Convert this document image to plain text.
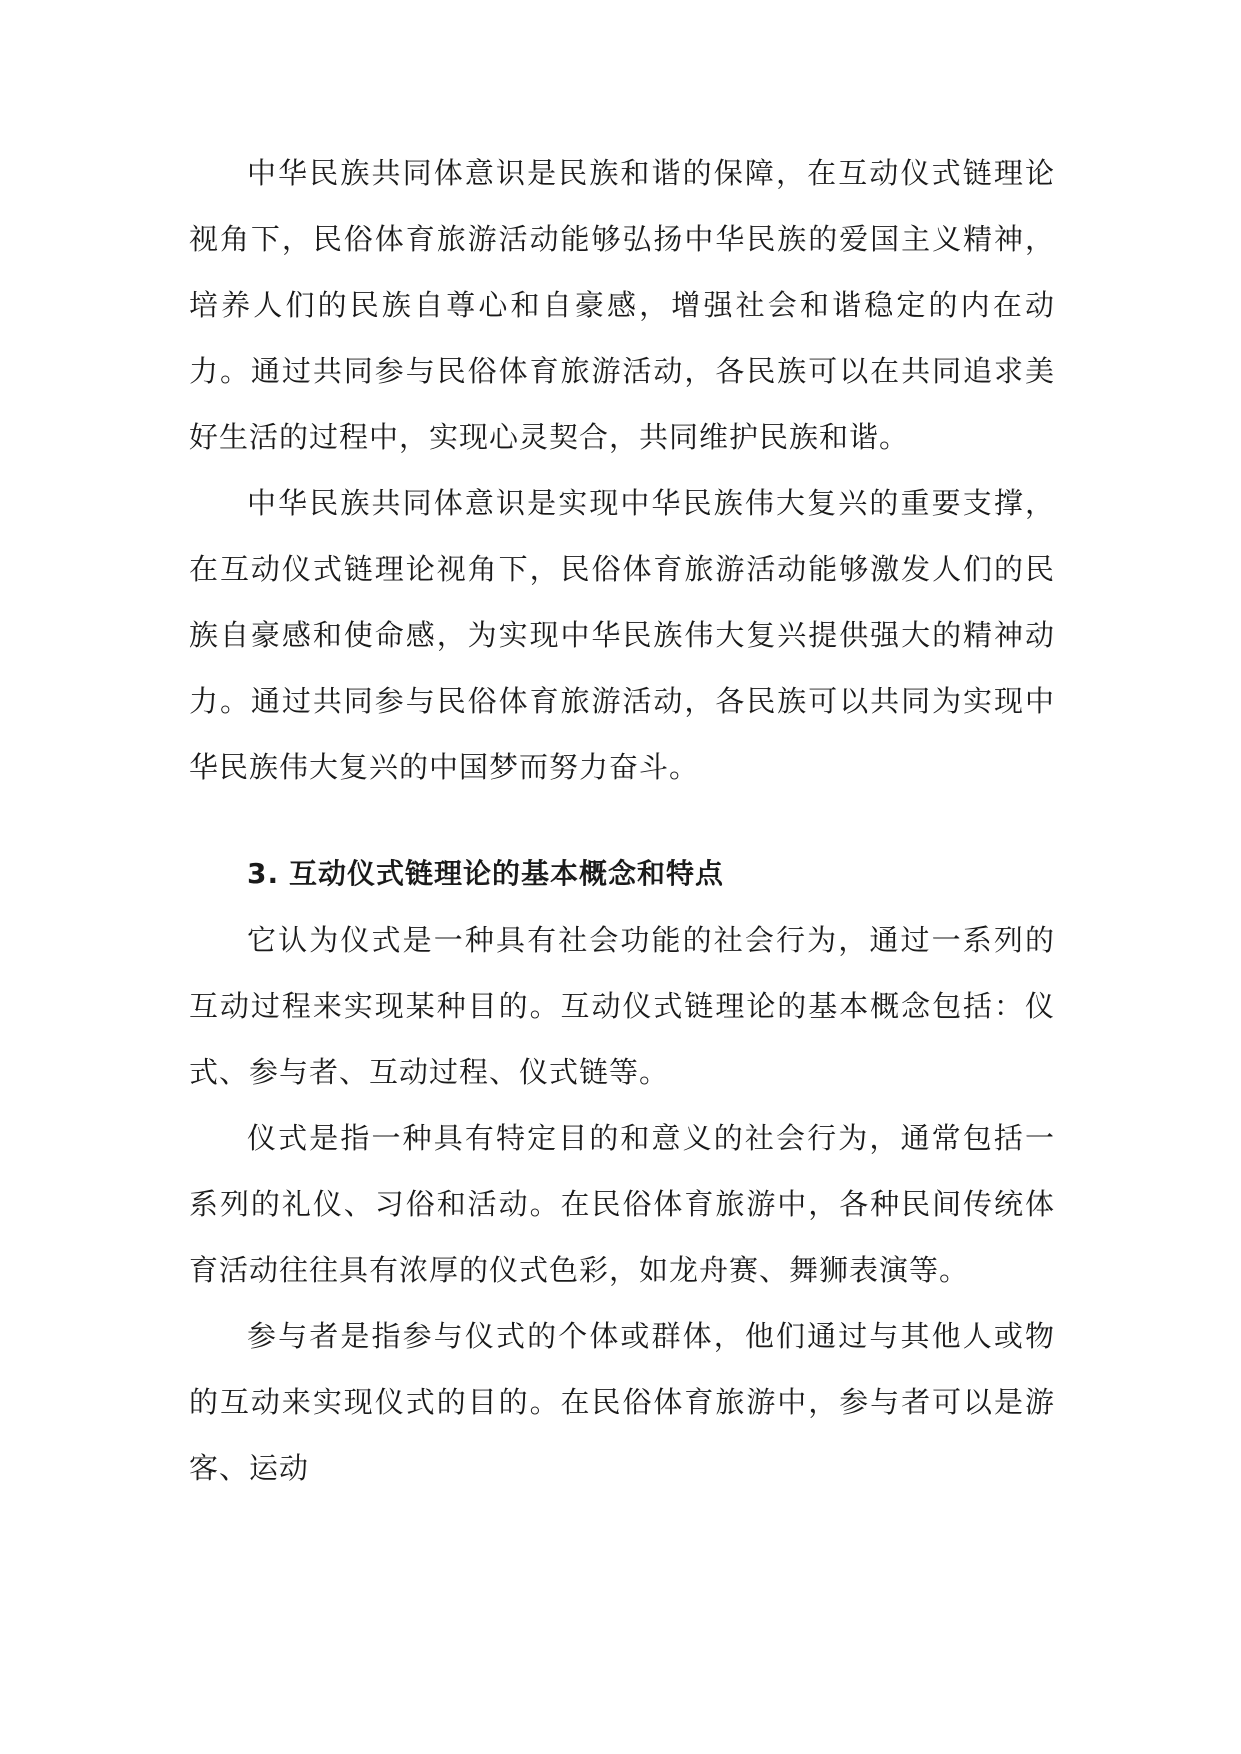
中华民族共同体意识是民族和谐的保障，在互动仪式链理论视角下，民俗体育旅游活动能够弘扬中华民族的爱国主义精神，培养人们的民族自尊心和自豪感，增强社会和谐稳定的内在动力。通过共同参与民俗体育旅游活动，各民族可以在共同追求美好生活的过程中，实现心灵契合，共同维护民族和谐。

中华民族共同体意识是实现中华民族伟大复兴的重要支撑，在互动仪式链理论视角下，民俗体育旅游活动能够激发人们的民族自豪感和使命感，为实现中华民族伟大复兴提供强大的精神动力。通过共同参与民俗体育旅游活动，各民族可以共同为实现中华民族伟大复兴的中国梦而努力奋斗。

3. 互动仪式链理论的基本概念和特点

它认为仪式是一种具有社会功能的社会行为，通过一系列的互动过程来实现某种目的。互动仪式链理论的基本概念包括：仪式、参与者、互动过程、仪式链等。

仪式是指一种具有特定目的和意义的社会行为，通常包括一系列的礼仪、习俗和活动。在民俗体育旅游中，各种民间传统体育活动往往具有浓厚的仪式色彩，如龙舟赛、舞狮表演等。

参与者是指参与仪式的个体或群体，他们通过与其他人或物的互动来实现仪式的目的。在民俗体育旅游中，参与者可以是游客、运动
